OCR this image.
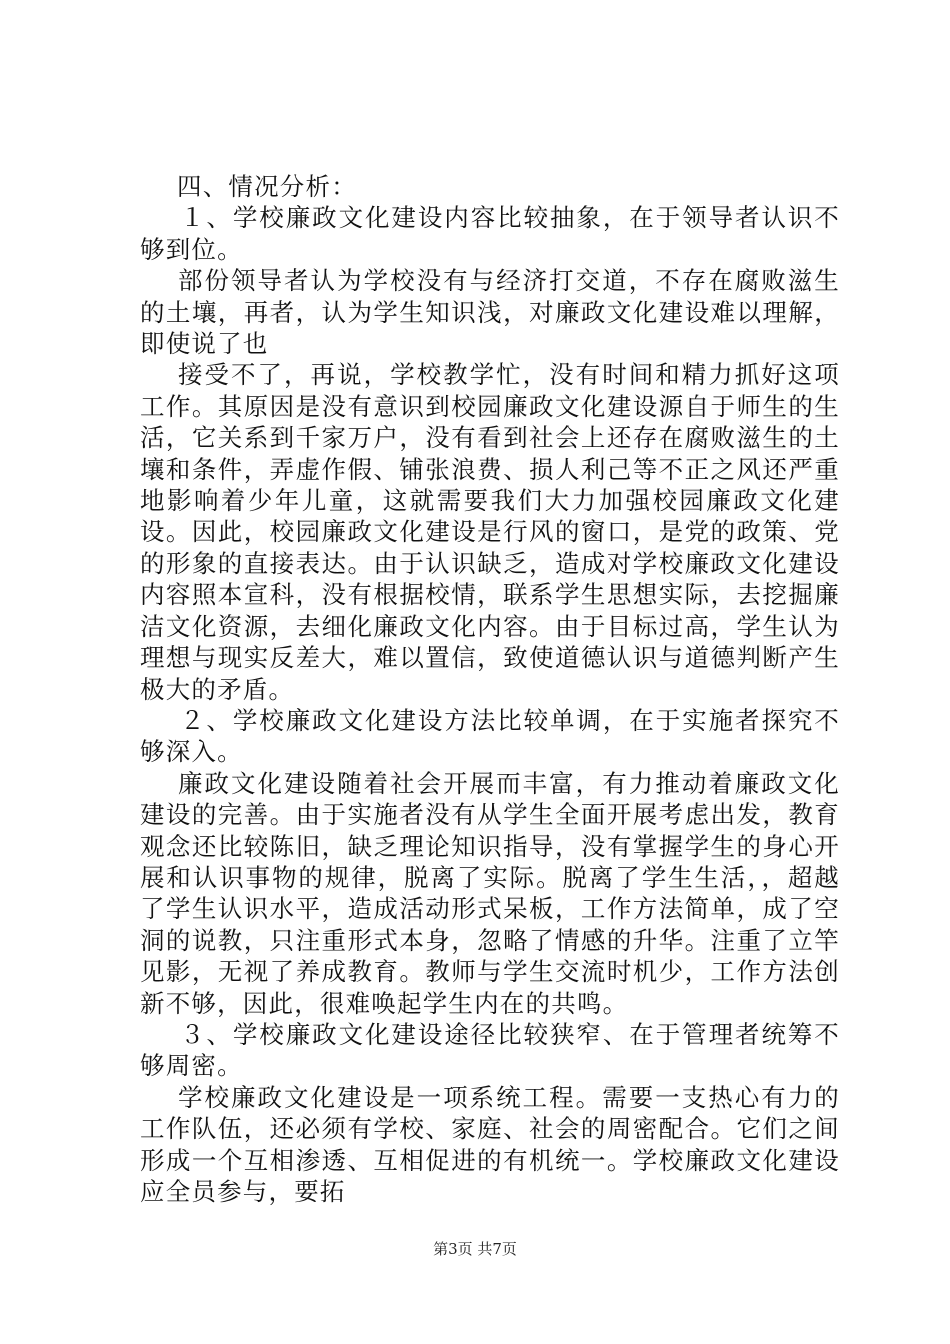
四、情况分析：

１、学校廉政文化建设内容比较抽象，在于领导者认识不够到位。

部份领导者认为学校没有与经济打交道，不存在腐败滋生的土壤，再者，认为学生知识浅，对廉政文化建设难以理解，即使说了也

接受不了，再说，学校教学忙，没有时间和精力抓好这项工作。其原因是没有意识到校园廉政文化建设源自于师生的生活，它关系到千家万户，没有看到社会上还存在腐败滋生的土壤和条件，弄虚作假、铺张浪费、损人利己等不正之风还严重地影响着少年儿童，这就需要我们大力加强校园廉政文化建设。因此，校园廉政文化建设是行风的窗口，是党的政策、党的形象的直接表达。由于认识缺乏，造成对学校廉政文化建设内容照本宣科，没有根据校情，联系学生思想实际，去挖掘廉洁文化资源，去细化廉政文化内容。由于目标过高，学生认为理想与现实反差大，难以置信，致使道德认识与道德判断产生极大的矛盾。

２、学校廉政文化建设方法比较单调，在于实施者探究不够深入。

廉政文化建设随着社会开展而丰富，有力推动着廉政文化建设的完善。由于实施者没有从学生全面开展考虑出发，教育观念还比较陈旧，缺乏理论知识指导，没有掌握学生的身心开展和认识事物的规律，脱离了实际。脱离了学生生活，，超越了学生认识水平，造成活动形式呆板，工作方法简单，成了空洞的说教，只注重形式本身，忽略了情感的升华。注重了立竿见影，无视了养成教育。教师与学生交流时机少，工作方法创新不够，因此，很难唤起学生内在的共鸣。

３、学校廉政文化建设途径比较狭窄、在于管理者统筹不够周密。

学校廉政文化建设是一项系统工程。需要一支热心有力的工作队伍，还必须有学校、家庭、社会的周密配合。它们之间形成一个互相渗透、互相促进的有机统一。学校廉政文化建设应全员参与，要拓

第3页 共7页
